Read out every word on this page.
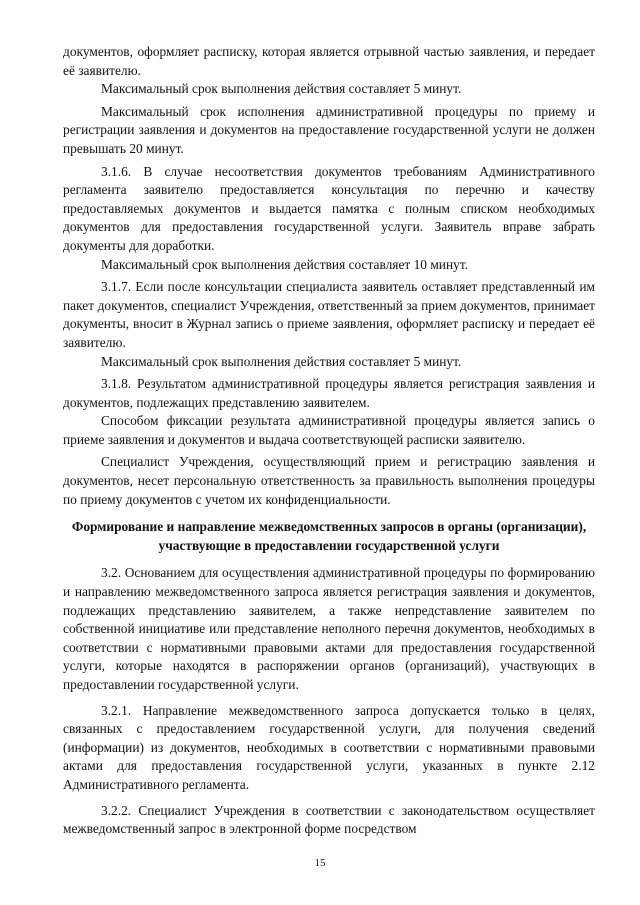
документов, оформляет расписку, которая является отрывной частью заявления, и передает её заявителю.

Максимальный срок выполнения действия составляет 5 минут.

Максимальный срок исполнения административной процедуры по приему и регистрации заявления и документов на предоставление государственной услуги не должен превышать 20 минут.

3.1.6. В случае несоответствия документов требованиям Административного регламента заявителю предоставляется консультация по перечню и качеству предоставляемых документов и выдается памятка с полным списком необходимых документов для предоставления государственной услуги. Заявитель вправе забрать документы для доработки.

Максимальный срок выполнения действия составляет 10 минут.

3.1.7. Если после консультации специалиста заявитель оставляет представленный им пакет документов, специалист Учреждения, ответственный за прием документов, принимает документы, вносит в Журнал запись о приеме заявления, оформляет расписку и передает её заявителю.

Максимальный срок выполнения действия составляет 5 минут.

3.1.8. Результатом административной процедуры является регистрация заявления и документов, подлежащих представлению заявителем.

Способом фиксации результата административной процедуры является запись о приеме заявления и документов и выдача соответствующей расписки заявителю.

Специалист Учреждения, осуществляющий прием и регистрацию заявления и документов, несет персональную ответственность за правильность выполнения процедуры по приему документов с учетом их конфиденциальности.

Формирование и направление межведомственных запросов в органы (организации), участвующие в предоставлении государственной услуги

3.2. Основанием для осуществления административной процедуры по формированию и направлению межведомственного запроса является регистрация заявления и документов, подлежащих представлению заявителем, а также непредставление заявителем по собственной инициативе или представление неполного перечня документов, необходимых в соответствии с нормативными правовыми актами для предоставления государственной услуги, которые находятся в распоряжении органов (организаций), участвующих в предоставлении государственной услуги.

3.2.1. Направление межведомственного запроса допускается только в целях, связанных с предоставлением государственной услуги, для получения сведений (информации) из документов, необходимых в соответствии с нормативными правовыми актами для предоставления государственной услуги, указанных в пункте 2.12 Административного регламента.

3.2.2. Специалист Учреждения в соответствии с законодательством осуществляет межведомственный запрос в электронной форме посредством

15
